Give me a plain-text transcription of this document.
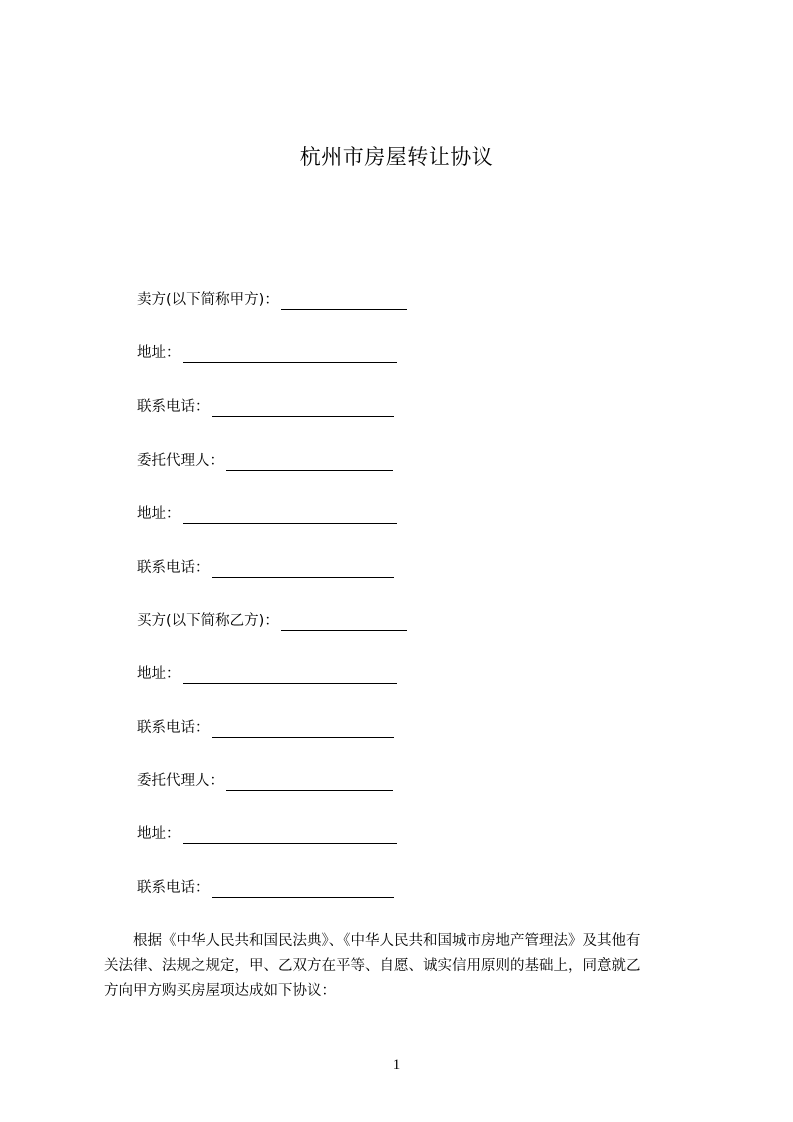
杭州市房屋转让协议
卖方(以下简称甲方)：
地址：
联系电话：
委托代理人：
地址：
联系电话：
买方(以下简称乙方)：
地址：
联系电话：
委托代理人：
地址：
联系电话：

　　根据《中华人民共和国民法典》、《中华人民共和国城市房地产管理法》及其他有
关法律、法规之规定，甲、乙双方在平等、自愿、诚实信用原则的基础上，同意就乙
方向甲方购买房屋项达成如下协议：

1
